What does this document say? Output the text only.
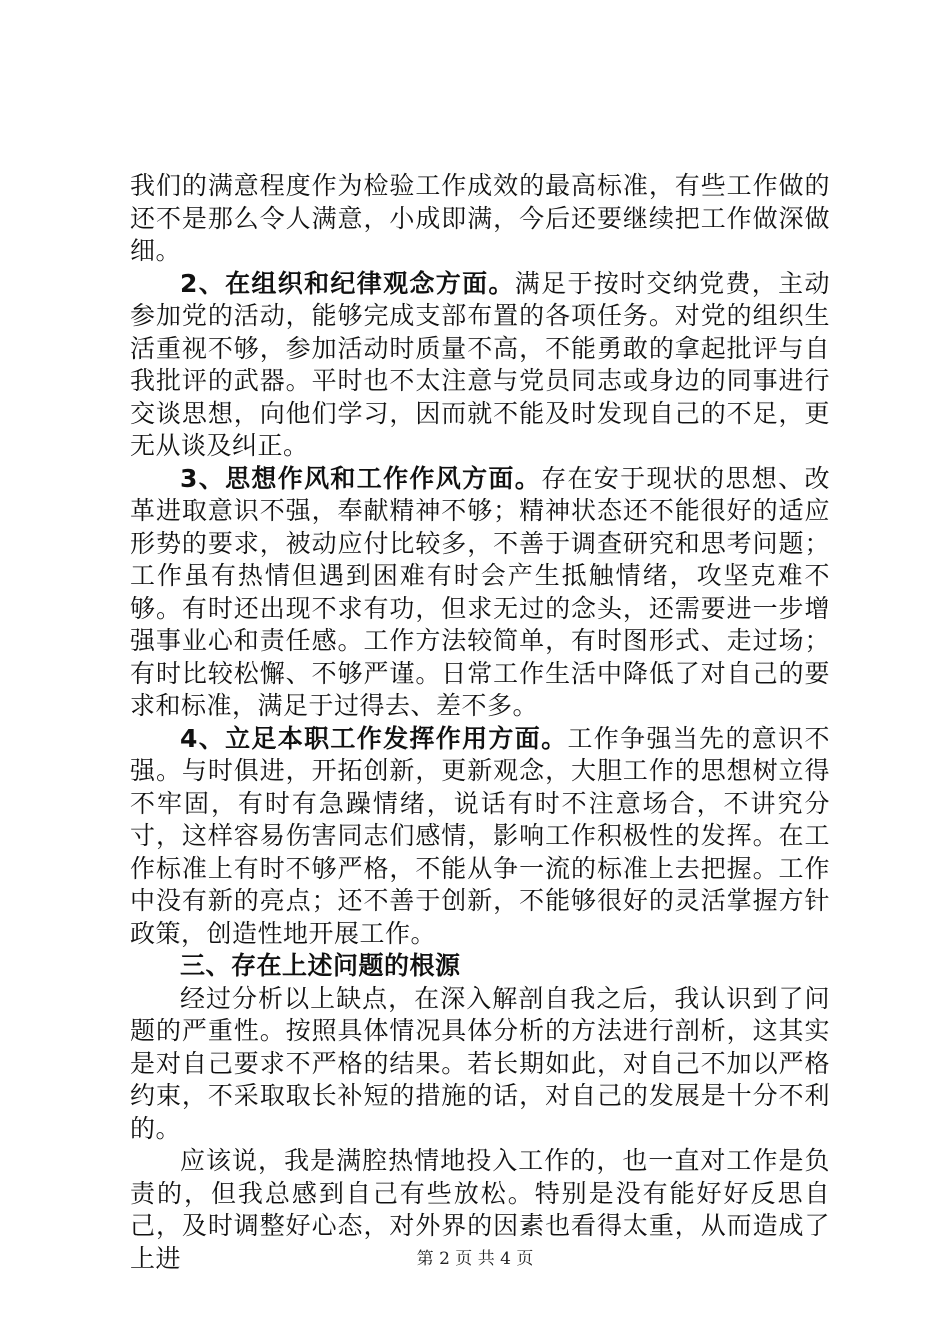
我们的满意程度作为检验工作成效的最高标准，有些工作做的还不是那么令人满意，小成即满，今后还要继续把工作做深做细。

2、在组织和纪律观念方面。满足于按时交纳党费，主动参加党的活动，能够完成支部布置的各项任务。对党的组织生活重视不够，参加活动时质量不高，不能勇敢的拿起批评与自我批评的武器。平时也不太注意与党员同志或身边的同事进行交谈思想，向他们学习，因而就不能及时发现自己的不足，更无从谈及纠正。

3、思想作风和工作作风方面。存在安于现状的思想、改革进取意识不强，奉献精神不够；精神状态还不能很好的适应形势的要求，被动应付比较多，不善于调查研究和思考问题；工作虽有热情但遇到困难有时会产生抵触情绪，攻坚克难不够。有时还出现不求有功，但求无过的念头，还需要进一步增强事业心和责任感。工作方法较简单，有时图形式、走过场；有时比较松懈、不够严谨。日常工作生活中降低了对自己的要求和标准，满足于过得去、差不多。

4、立足本职工作发挥作用方面。工作争强当先的意识不强。与时俱进，开拓创新，更新观念，大胆工作的思想树立得不牢固，有时有急躁情绪，说话有时不注意场合，不讲究分寸，这样容易伤害同志们感情，影响工作积极性的发挥。在工作标准上有时不够严格，不能从争一流的标准上去把握。工作中没有新的亮点；还不善于创新，不能够很好的灵活掌握方针政策，创造性地开展工作。

三、存在上述问题的根源

经过分析以上缺点，在深入解剖自我之后，我认识到了问题的严重性。按照具体情况具体分析的方法进行剖析，这其实是对自己要求不严格的结果。若长期如此，对自己不加以严格约束，不采取取长补短的措施的话，对自己的发展是十分不利的。

应该说，我是满腔热情地投入工作的，也一直对工作是负责的，但我总感到自己有些放松。特别是没有能好好反思自己，及时调整好心态，对外界的因素也看得太重，从而造成了上进	第 2 页 共 4 页
